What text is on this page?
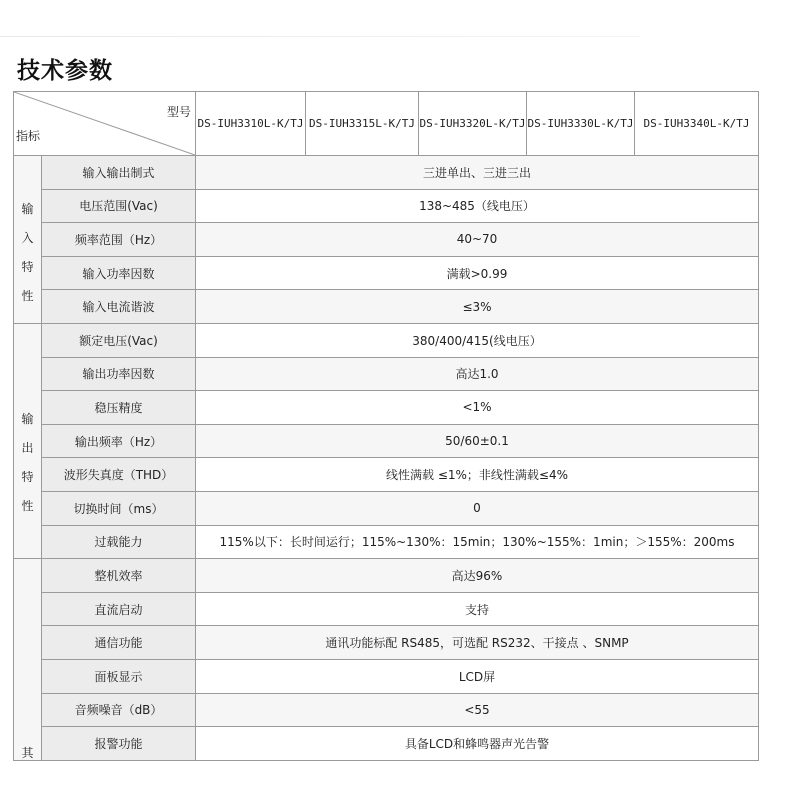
技术参数
型号
指标		DS-IUH3310L-K/TJ	DS-IUH3315L-K/TJ	DS-IUH3320L-K/TJ	DS-IUH3330L-K/TJ	DS-IUH3340L-K/TJ

输
入
特
性	输入输出制式	三进单出、三进三出				
	电压范围(Vac)	138~485（线电压）				
	频率范围（Hz）	40~70				
	输入功率因数	满载>0.99				
	输入电流谐波	≤3%				

输
出
特
性	额定电压(Vac)	380/400/415(线电压）				
	输出功率因数	高达1.0				
	稳压精度	<1%				
	输出频率（Hz）	50/60±0.1				
	波形失真度（THD）	线性满载 ≤1%；非线性满载≤4%				
	切换时间（ms）	0				
	过载能力	115%以下：长时间运行；115%~130%：15min；130%~155%：1min；＞155%：200ms				

其	整机效率	高达96%				
	直流启动	支持				
	通信功能	通讯功能标配 RS485，可选配 RS232、干接点 、SNMP				
	面板显示	LCD屏				
	音频噪音（dB）	<55				
	报警功能	具备LCD和蜂鸣器声光告警				
